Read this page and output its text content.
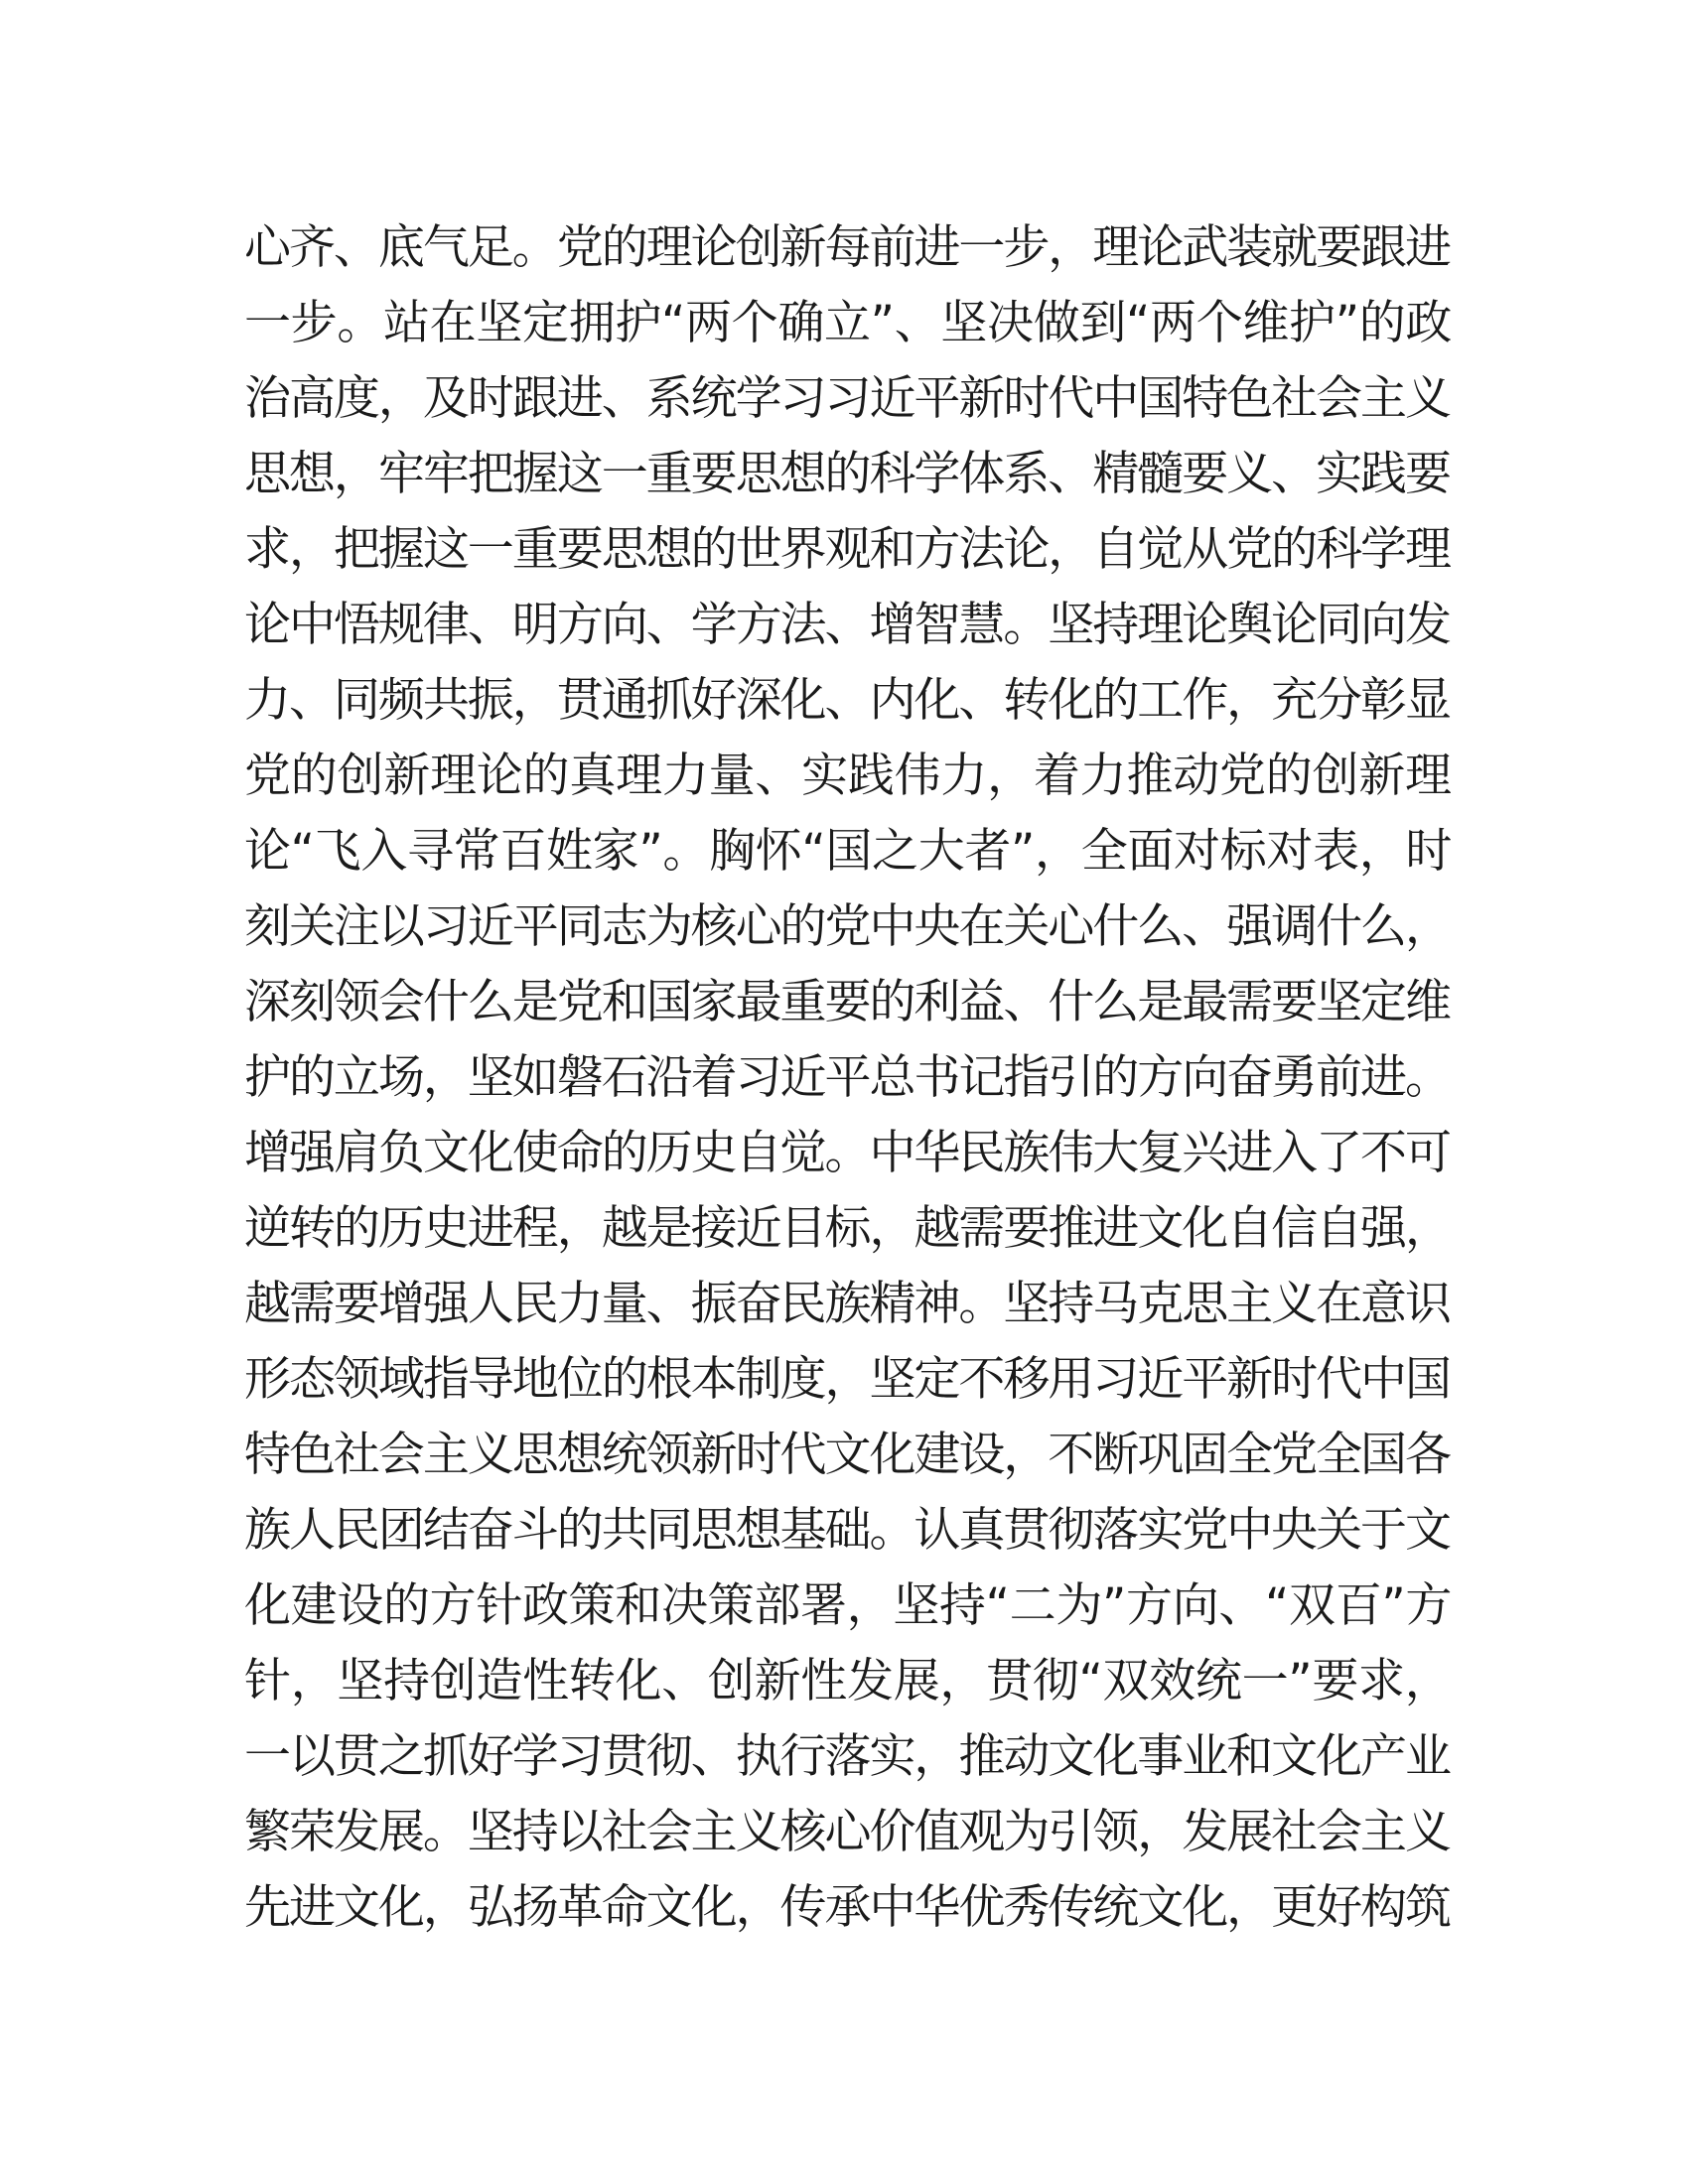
心齐、底气足。党的理论创新每前进一步，理论武装就要跟进
一步。站在坚定拥护“两个确立”、坚决做到“两个维护”的政
治高度，及时跟进、系统学习习近平新时代中国特色社会主义
思想，牢牢把握这一重要思想的科学体系、精髓要义、实践要
求，把握这一重要思想的世界观和方法论，自觉从党的科学理
论中悟规律、明方向、学方法、增智慧。坚持理论舆论同向发
力、同频共振，贯通抓好深化、内化、转化的工作，充分彰显
党的创新理论的真理力量、实践伟力，着力推动党的创新理
论“飞入寻常百姓家”。胸怀“国之大者”，全面对标对表，时
刻关注以习近平同志为核心的党中央在关心什么、强调什么，
深刻领会什么是党和国家最重要的利益、什么是最需要坚定维
护的立场，坚如磐石沿着习近平总书记指引的方向奋勇前进。
增强肩负文化使命的历史自觉。中华民族伟大复兴进入了不可
逆转的历史进程，越是接近目标，越需要推进文化自信自强，
越需要增强人民力量、振奋民族精神。坚持马克思主义在意识
形态领域指导地位的根本制度，坚定不移用习近平新时代中国
特色社会主义思想统领新时代文化建设，不断巩固全党全国各
族人民团结奋斗的共同思想基础。认真贯彻落实党中央关于文
化建设的方针政策和决策部署，坚持“二为”方向、“双百”方
针，坚持创造性转化、创新性发展，贯彻“双效统一”要求，
一以贯之抓好学习贯彻、执行落实，推动文化事业和文化产业
繁荣发展。坚持以社会主义核心价值观为引领，发展社会主义
先进文化，弘扬革命文化，传承中华优秀传统文化，更好构筑
